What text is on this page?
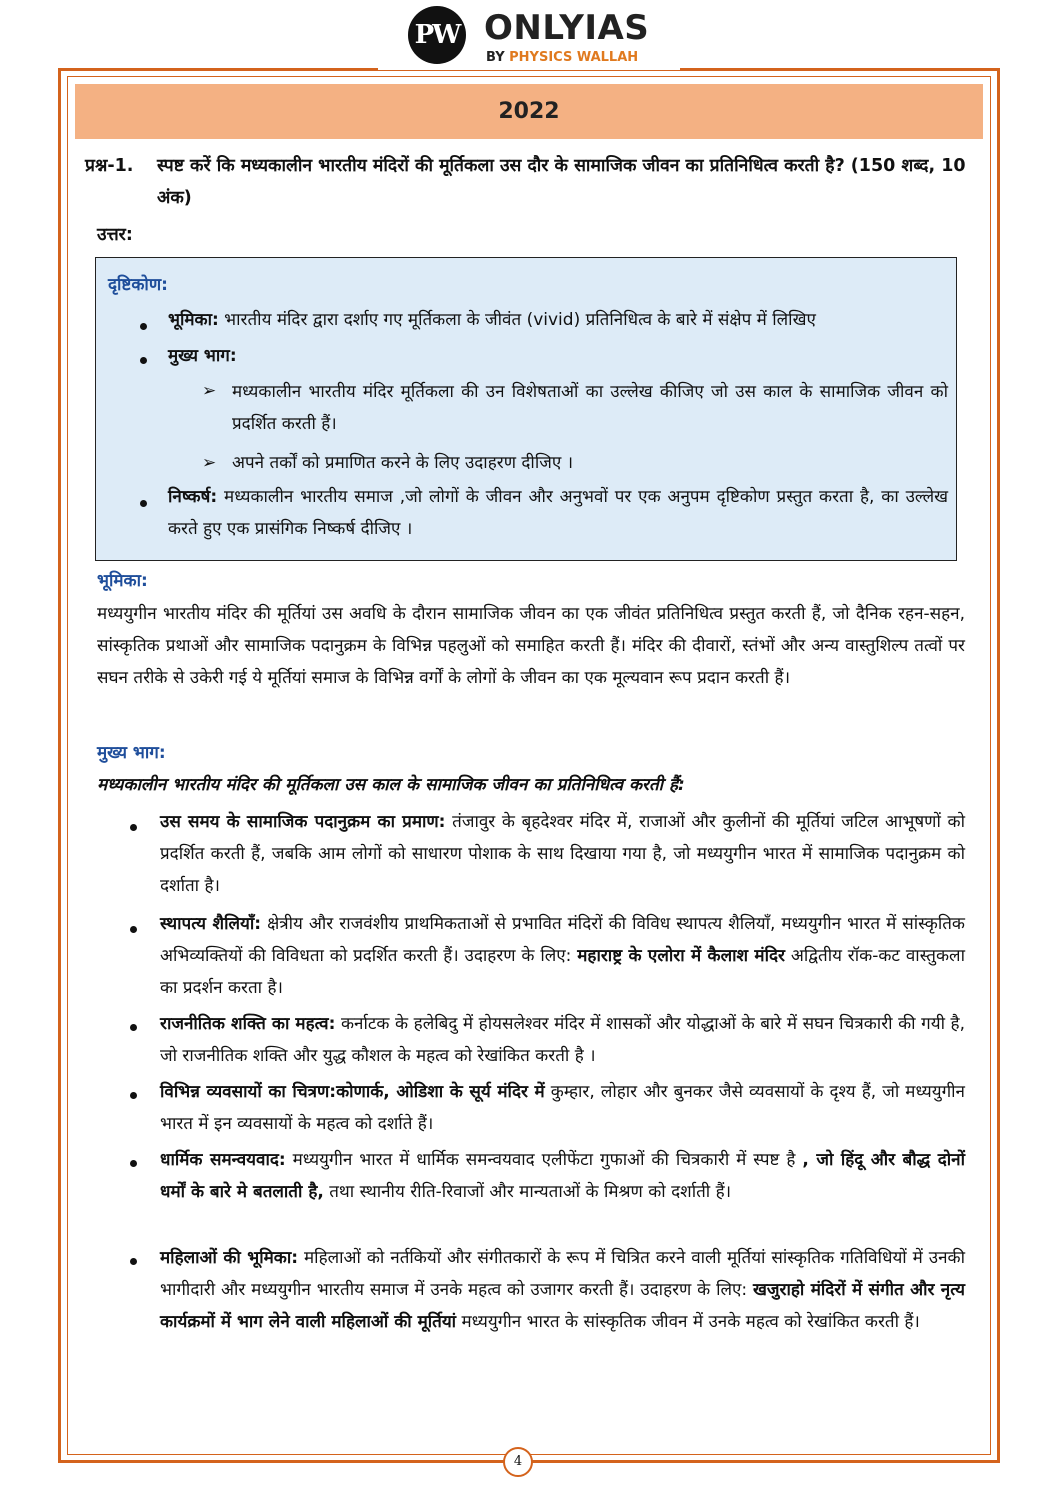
PW ONLYIAS
BY PHYSICS WALLAH
2022
प्रश्न-1. स्पष्ट करें कि मध्यकालीन भारतीय मंदिरों की मूर्तिकला उस दौर के सामाजिक जीवन का प्रतिनिधित्व करती है? (150 शब्द, 10 अंक)
उत्तर:
दृष्टिकोण:
भूमिका: भारतीय मंदिर द्वारा दर्शाए गए मूर्तिकला के जीवंत (vivid) प्रतिनिधित्व के बारे में संक्षेप में लिखिए
मुख्य भाग:
➢ मध्यकालीन भारतीय मंदिर मूर्तिकला की उन विशेषताओं का उल्लेख कीजिए जो उस काल के सामाजिक जीवन को प्रदर्शित करती हैं।
➢ अपने तर्कों को प्रमाणित करने के लिए उदाहरण दीजिए ।
निष्कर्ष: मध्यकालीन भारतीय समाज ,जो लोगों के जीवन और अनुभवों पर एक अनुपम दृष्टिकोण प्रस्तुत करता है, का उल्लेख करते हुए एक प्रासंगिक निष्कर्ष दीजिए ।
भूमिका:
मध्ययुगीन भारतीय मंदिर की मूर्तियां उस अवधि के दौरान सामाजिक जीवन का एक जीवंत प्रतिनिधित्व प्रस्तुत करती हैं, जो दैनिक रहन-सहन, सांस्कृतिक प्रथाओं और सामाजिक पदानुक्रम के विभिन्न पहलुओं को समाहित करती हैं। मंदिर की दीवारों, स्तंभों और अन्य वास्तुशिल्प तत्वों पर सघन तरीके से उकेरी गई ये मूर्तियां समाज के विभिन्न वर्गों के लोगों के जीवन का एक मूल्यवान रूप प्रदान करती हैं।
मुख्य भाग:
मध्यकालीन भारतीय मंदिर की मूर्तिकला उस काल के सामाजिक जीवन का प्रतिनिधित्व करती हैं:
उस समय के सामाजिक पदानुक्रम का प्रमाण: तंजावुर के बृहदेश्वर मंदिर में, राजाओं और कुलीनों की मूर्तियां जटिल आभूषणों को प्रदर्शित करती हैं, जबकि आम लोगों को साधारण पोशाक के साथ दिखाया गया है, जो मध्ययुगीन भारत में सामाजिक पदानुक्रम को दर्शाता है।
स्थापत्य शैलियाँ: क्षेत्रीय और राजवंशीय प्राथमिकताओं से प्रभावित मंदिरों की विविध स्थापत्य शैलियाँ, मध्ययुगीन भारत में सांस्कृतिक अभिव्यक्तियों की विविधता को प्रदर्शित करती हैं। उदाहरण के लिए: महाराष्ट्र के एलोरा में कैलाश मंदिर अद्वितीय रॉक-कट वास्तुकला का प्रदर्शन करता है।
राजनीतिक शक्ति का महत्व: कर्नाटक के हलेबिदु में होयसलेश्वर मंदिर में शासकों और योद्धाओं के बारे में सघन चित्रकारी की गयी है, जो राजनीतिक शक्ति और युद्ध कौशल के महत्व को रेखांकित करती है ।
विभिन्न व्यवसायों का चित्रण:कोणार्क, ओडिशा के सूर्य मंदिर में कुम्हार, लोहार और बुनकर जैसे व्यवसायों के दृश्य हैं, जो मध्ययुगीन भारत में इन व्यवसायों के महत्व को दर्शाते हैं।
धार्मिक समन्वयवाद: मध्ययुगीन भारत में धार्मिक समन्वयवाद एलीफेंटा गुफाओं की चित्रकारी में स्पष्ट है , जो हिंदू और बौद्ध दोनों धर्मों के बारे मे बतलाती है, तथा स्थानीय रीति-रिवाजों और मान्यताओं के मिश्रण को दर्शाती हैं।
महिलाओं की भूमिका: महिलाओं को नर्तकियों और संगीतकारों के रूप में चित्रित करने वाली मूर्तियां सांस्कृतिक गतिविधियों में उनकी भागीदारी और मध्ययुगीन भारतीय समाज में उनके महत्व को उजागर करती हैं। उदाहरण के लिए: खजुराहो मंदिरों में संगीत और नृत्य कार्यक्रमों में भाग लेने वाली महिलाओं की मूर्तियां मध्ययुगीन भारत के सांस्कृतिक जीवन में उनके महत्व को रेखांकित करती हैं।
4
